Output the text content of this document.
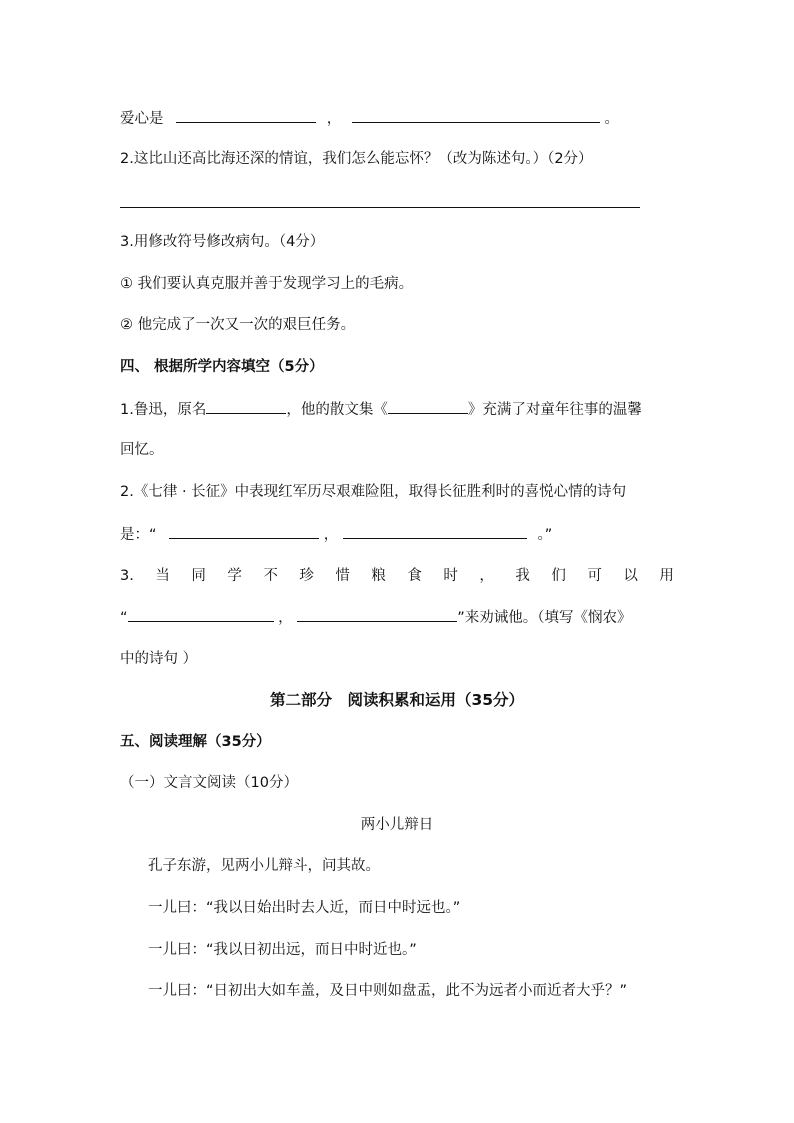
爱心是	，	。
2.这比山还高比海还深的情谊，我们怎么能忘怀？（改为陈述句。）（2分）
3.用修改符号修改病句。（4分）
① 我们要认真克服并善于发现学习上的毛病。
② 他完成了一次又一次的艰巨任务。
四、 根据所学内容填空（5分）
1.鲁迅，原名	，他的散文集《	》充满了对童年往事的温馨
回忆。
2.《七律 · 长征》中表现红军历尽艰难险阻，取得长征胜利时的喜悦心情的诗句
是：“	，	。”
3. 当 同 学 不 珍 惜 粮 食 时 ， 我 们 可 以 用
“	，	”来劝诫他。（填写《悯农》
中的诗句 ）
第二部分　阅读积累和运用（35分）
五、阅读理解（35分）
（一）文言文阅读（10分）
两小儿辩日
孔子东游，见两小儿辩斗，问其故。
一儿曰：“我以日始出时去人近，而日中时远也。”
一儿曰：“我以日初出远，而日中时近也。”
一儿曰：“日初出大如车盖，及日中则如盘盂，此不为远者小而近者大乎？”
